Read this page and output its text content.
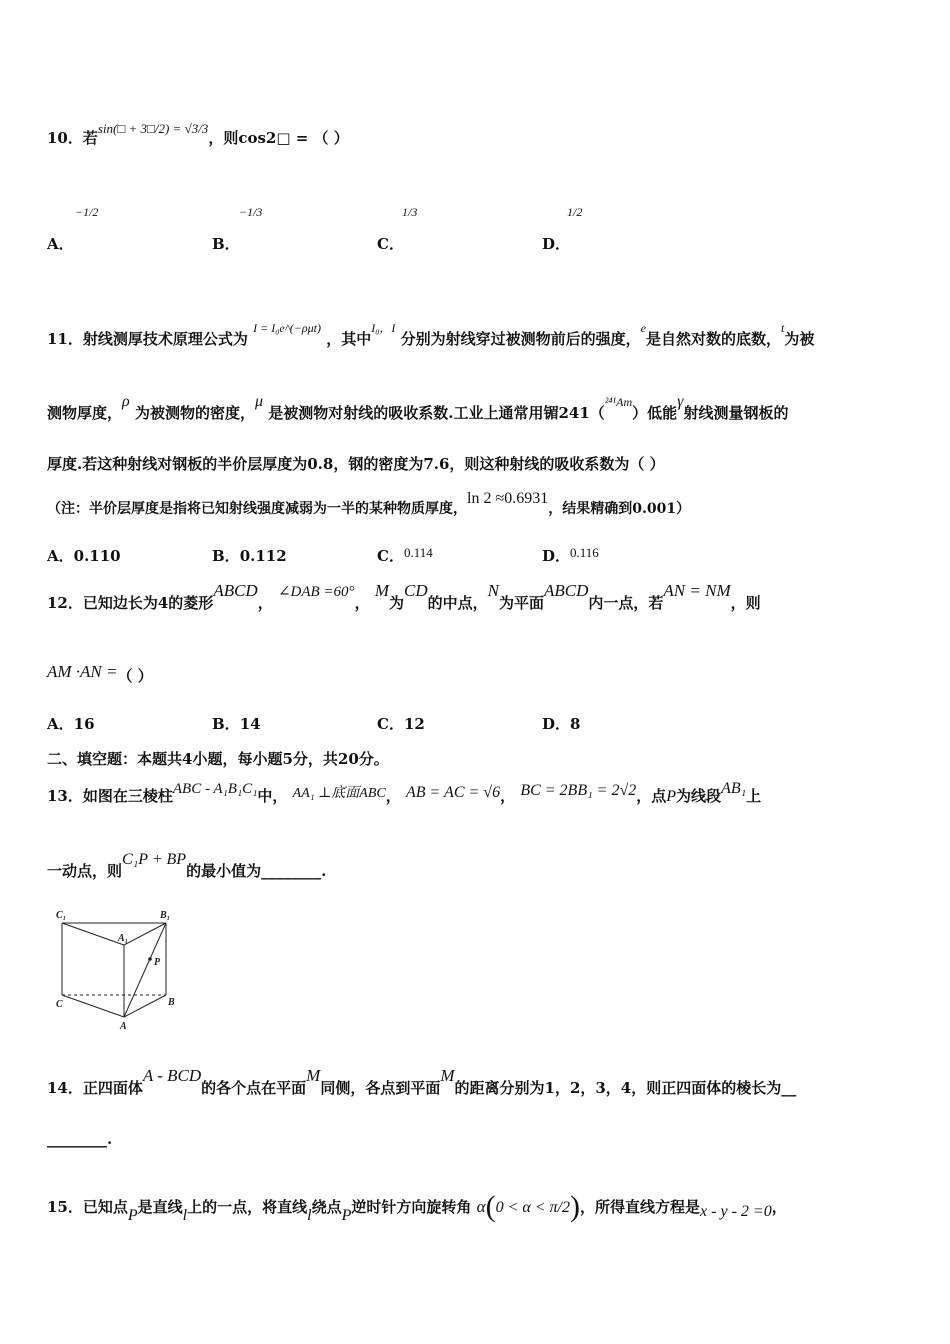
10．若sin(□ + 3□/2) = √3/3，则cos2□ = （ ）
A．
−1/2
B．
−1/3
C．
1/3
D．
1/2
11．射线测厚技术原理公式为 $^{I = I_0e\^{}(-\rho\mu t)}$ ，其中$^{I_0,I}$ 分别为射线穿过被测物前后的强度，$^e$是自然对数的底数，$^t$为被
测物厚度，ρ 为被测物的密度，μ 是被测物对射线的吸收系数.工业上通常用镅241（$^{^{241}Am}$）低能γ射线测量钢板的
厚度.若这种射线对钢板的半价层厚度为0.8，钢的密度为7.6，则这种射线的吸收系数为（ ）
（注：半价层厚度是指将已知射线强度减弱为一半的某种物质厚度，ln 2 ≈0.6931，结果精确到0.001）
A．0.110	B．0.112	C．0.114	D．0.116
12．已知边长为4的菱形ABCD， ∠DAB =60°， M为CD的中点，N为平面ABCD内一点，若AN = NM，则
AM ·AN =（ ）
A．16	B．14	C．12	D．8
二、填空题：本题共4小题，每小题5分，共20分。
13．如图在三棱柱ABC - A₁B₁C₁中， AA₁ ⊥底面ABC， AB = AC = √6， BC = 2BB₁ = 2√2，点P为线段AB₁上
一动点，则C₁P + BP的最小值为________.
C₁	B₁
A₁
P
C	B
A
14．正四面体A - BCD的各个点在平面M同侧，各点到平面M的距离分别为1，2，3，4，则正四面体的棱长为__
________.
15．已知点P是直线l上的一点，将直线l绕点P逆时针方向旋转角 α(0 < α < π/2)，所得直线方程是x - y - 2 =0，
